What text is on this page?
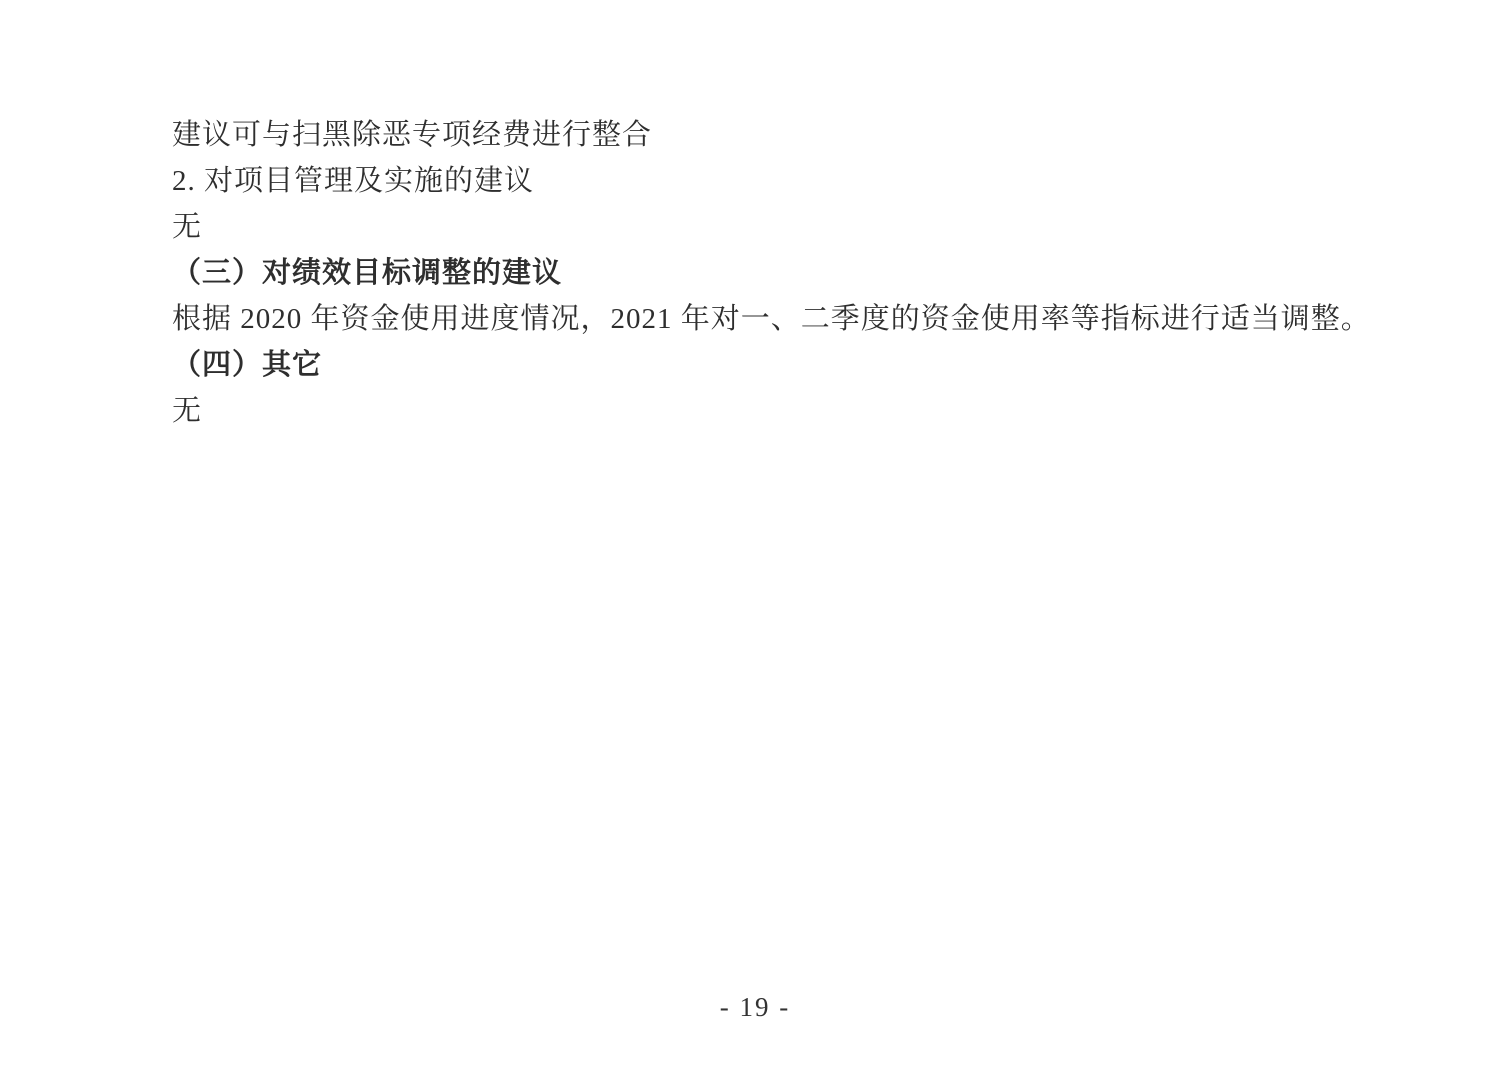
建议可与扫黑除恶专项经费进行整合

2. 对项目管理及实施的建议

无

（三）对绩效目标调整的建议

根据 2020 年资金使用进度情况，2021 年对一、二季度的资金使用率等指标进行适当调整。

（四）其它

无

- 19 -
